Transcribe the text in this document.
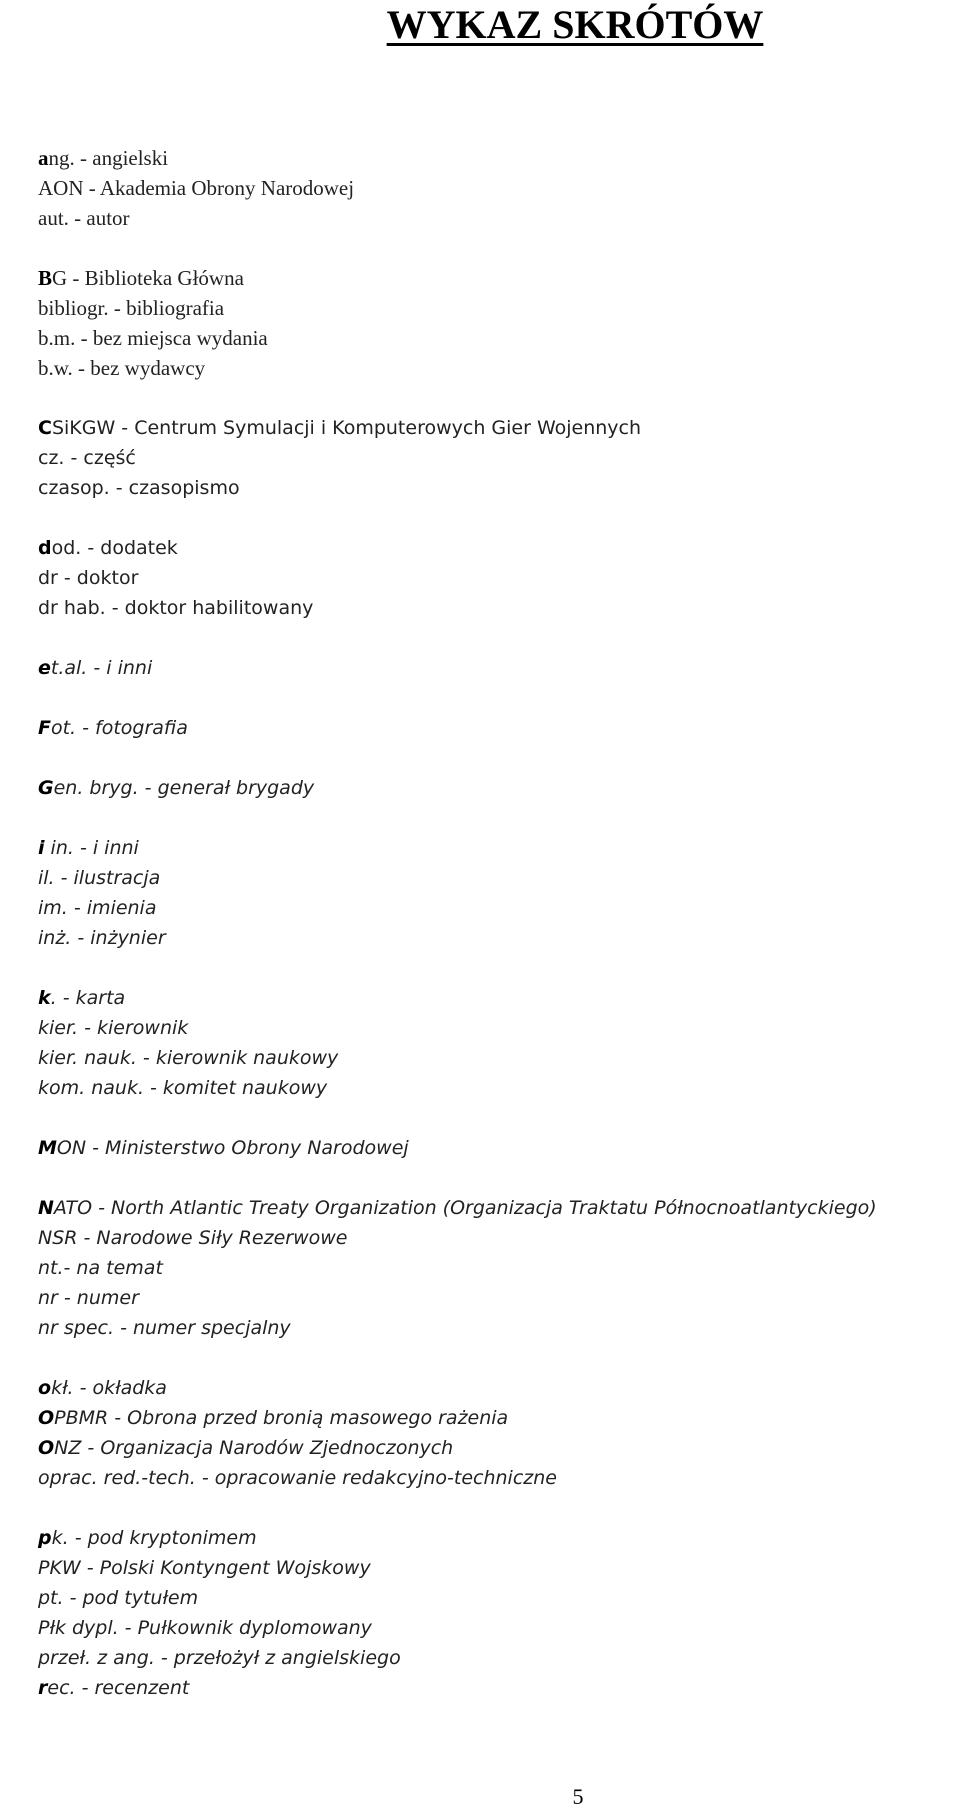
WYKAZ SKRÓTÓW

ang. - angielski

AON - Akademia Obrony Narodowej

aut. - autor

BG - Biblioteka Główna

bibliogr. - bibliografia

b.m. - bez miejsca wydania

b.w. - bez wydawcy

CSiKGW - Centrum Symulacji i Komputerowych Gier Wojennych

cz. - część

czasop. - czasopismo

dod. - dodatek

dr - doktor

dr hab. - doktor habilitowany

et.al. - i inni

Fot. - fotografia

Gen. bryg. - generał brygady

i in. - i inni

il. - ilustracja

im. - imienia

inż. - inżynier

k. - karta

kier. - kierownik

kier. nauk. - kierownik naukowy

kom. nauk. - komitet naukowy

MON - Ministerstwo Obrony Narodowej

NATO - North Atlantic Treaty Organization (Organizacja Traktatu Północnoatlantyckiego)

NSR - Narodowe Siły Rezerwowe

nt.- na temat

nr - numer

nr spec. - numer specjalny

okł. - okładka

OPBMR - Obrona przed bronią masowego rażenia

ONZ - Organizacja Narodów Zjednoczonych

oprac. red.-tech. - opracowanie redakcyjno-techniczne

pk. - pod kryptonimem

PKW - Polski Kontyngent Wojskowy

pt. - pod tytułem

Płk dypl. - Pułkownik dyplomowany

przeł. z ang. - przełożył z angielskiego

rec. - recenzent

5
